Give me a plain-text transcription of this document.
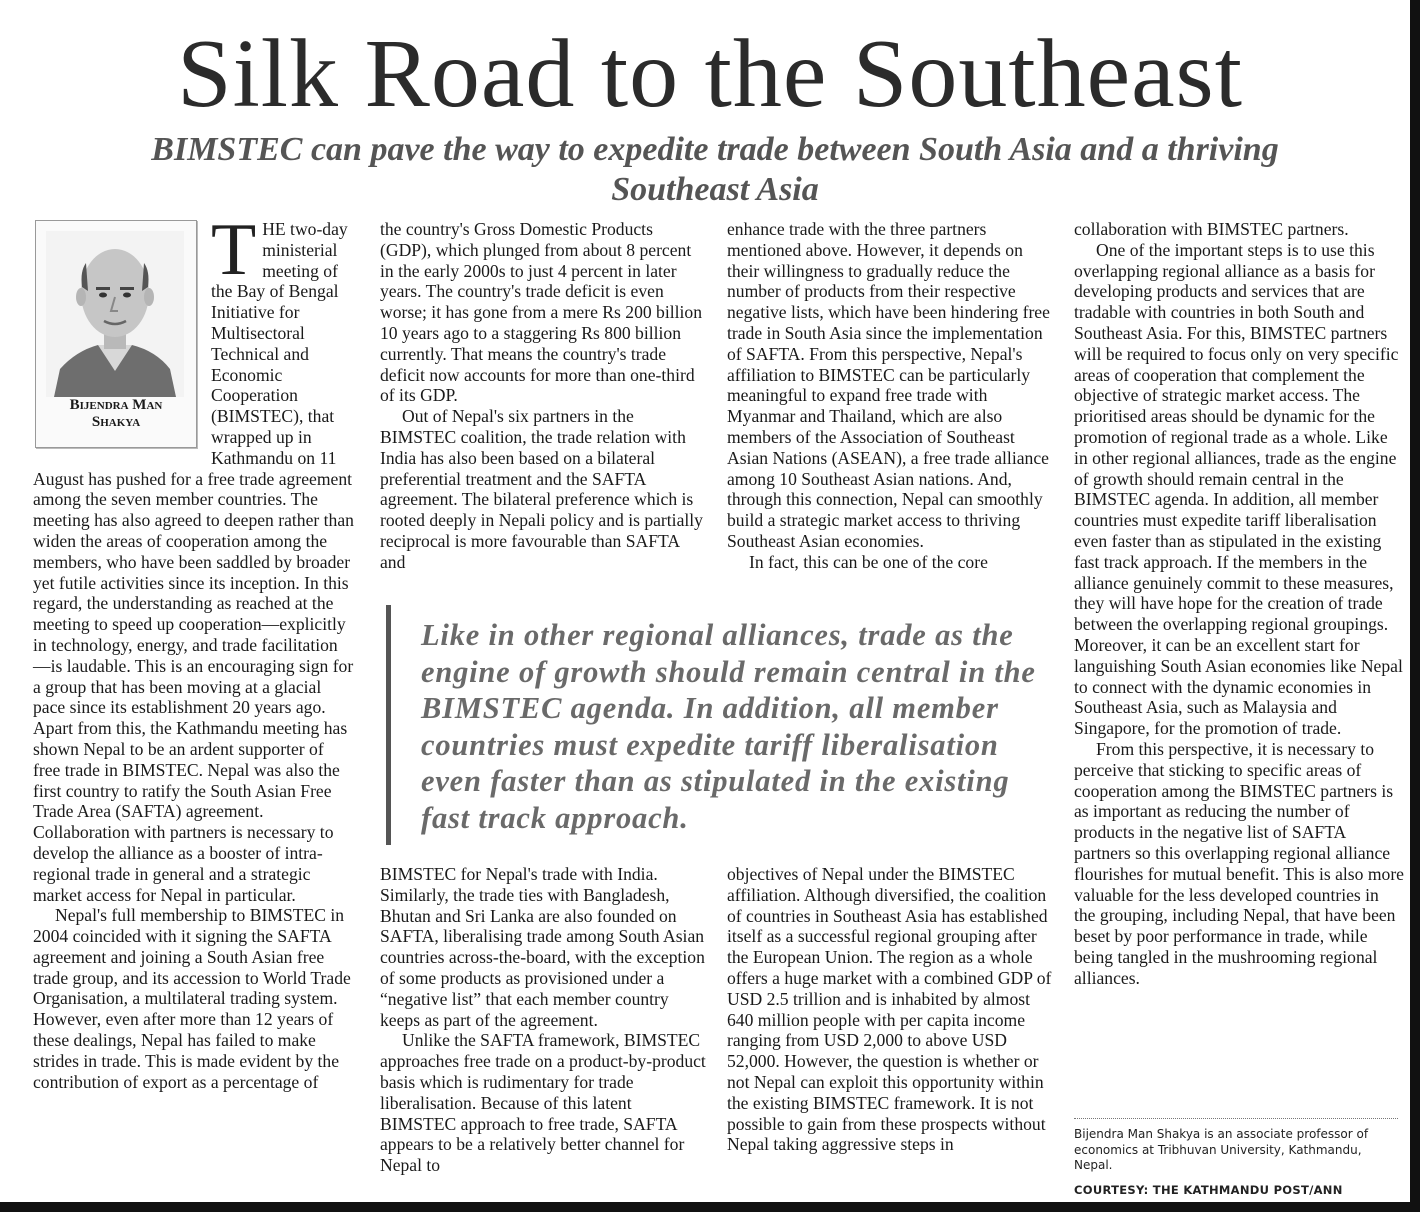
Silk Road to the Southeast
BIMSTEC can pave the way to expedite trade between South Asia and a thriving Southeast Asia
Bijendra Man
Shakya

THE two-day ministerial meeting of the Bay of Bengal Initiative for Multisectoral Technical and Economic Cooperation (BIMSTEC), that wrapped up in Kathmandu on 11 August has pushed for a free trade agreement among the seven member countries. The meeting has also agreed to deepen rather than widen the areas of cooperation among the members, who have been saddled by broader yet futile activities since its inception. In this regard, the understanding as reached at the meeting to speed up cooperation—explicitly in technology, energy, and trade facilitation—is laudable. This is an encouraging sign for a group that has been moving at a glacial pace since its establishment 20 years ago. Apart from this, the Kathmandu meeting has shown Nepal to be an ardent supporter of free trade in BIMSTEC. Nepal was also the first country to ratify the South Asian Free Trade Area (SAFTA) agreement. Collaboration with partners is necessary to develop the alliance as a booster of intra-regional trade in general and a strategic market access for Nepal in particular.

Nepal's full membership to BIMSTEC in 2004 coincided with it signing the SAFTA agreement and joining a South Asian free trade group, and its accession to World Trade Organisation, a multilateral trading system. However, even after more than 12 years of these dealings, Nepal has failed to make strides in trade. This is made evident by the contribution of export as a percentage of

the country's Gross Domestic Products (GDP), which plunged from about 8 percent in the early 2000s to just 4 percent in later years. The country's trade deficit is even worse; it has gone from a mere Rs 200 billion 10 years ago to a staggering Rs 800 billion currently. That means the country's trade deficit now accounts for more than one-third of its GDP.

Out of Nepal's six partners in the BIMSTEC coalition, the trade relation with India has also been based on a bilateral preferential treatment and the SAFTA agreement. The bilateral preference which is rooted deeply in Nepali policy and is partially reciprocal is more favourable than SAFTA and

enhance trade with the three partners mentioned above. However, it depends on their willingness to gradually reduce the number of products from their respective negative lists, which have been hindering free trade in South Asia since the implementation of SAFTA. From this perspective, Nepal's affiliation to BIMSTEC can be particularly meaningful to expand free trade with Myanmar and Thailand, which are also members of the Association of Southeast Asian Nations (ASEAN), a free trade alliance among 10 Southeast Asian nations. And, through this connection, Nepal can smoothly build a strategic market access to thriving Southeast Asian economies.

In fact, this can be one of the core

Like in other regional alliances, trade as the engine of growth should remain central in the BIMSTEC agenda. In addition, all member countries must expedite tariff liberalisation even faster than as stipulated in the existing fast track approach.

BIMSTEC for Nepal's trade with India. Similarly, the trade ties with Bangladesh, Bhutan and Sri Lanka are also founded on SAFTA, liberalising trade among South Asian countries across-the-board, with the exception of some products as provisioned under a “negative list” that each member country keeps as part of the agreement.

Unlike the SAFTA framework, BIMSTEC approaches free trade on a product-by-product basis which is rudimentary for trade liberalisation. Because of this latent BIMSTEC approach to free trade, SAFTA appears to be a relatively better channel for Nepal to

objectives of Nepal under the BIMSTEC affiliation. Although diversified, the coalition of countries in Southeast Asia has established itself as a successful regional grouping after the European Union. The region as a whole offers a huge market with a combined GDP of USD 2.5 trillion and is inhabited by almost 640 million people with per capita income ranging from USD 2,000 to above USD 52,000. However, the question is whether or not Nepal can exploit this opportunity within the existing BIMSTEC framework. It is not possible to gain from these prospects without Nepal taking aggressive steps in

collaboration with BIMSTEC partners.

One of the important steps is to use this overlapping regional alliance as a basis for developing products and services that are tradable with countries in both South and Southeast Asia. For this, BIMSTEC partners will be required to focus only on very specific areas of cooperation that complement the objective of strategic market access. The prioritised areas should be dynamic for the promotion of regional trade as a whole. Like in other regional alliances, trade as the engine of growth should remain central in the BIMSTEC agenda. In addition, all member countries must expedite tariff liberalisation even faster than as stipulated in the existing fast track approach. If the members in the alliance genuinely commit to these measures, they will have hope for the creation of trade between the overlapping regional groupings. Moreover, it can be an excellent start for languishing South Asian economies like Nepal to connect with the dynamic economies in Southeast Asia, such as Malaysia and Singapore, for the promotion of trade.

From this perspective, it is necessary to perceive that sticking to specific areas of cooperation among the BIMSTEC partners is as important as reducing the number of products in the negative list of SAFTA partners so this overlapping regional alliance flourishes for mutual benefit. This is also more valuable for the less developed countries in the grouping, including Nepal, that have been beset by poor performance in trade, while being tangled in the mushrooming regional alliances.

Bijendra Man Shakya is an associate professor of economics at Tribhuvan University, Kathmandu, Nepal.
COURTESY: THE KATHMANDU POST/ANN
